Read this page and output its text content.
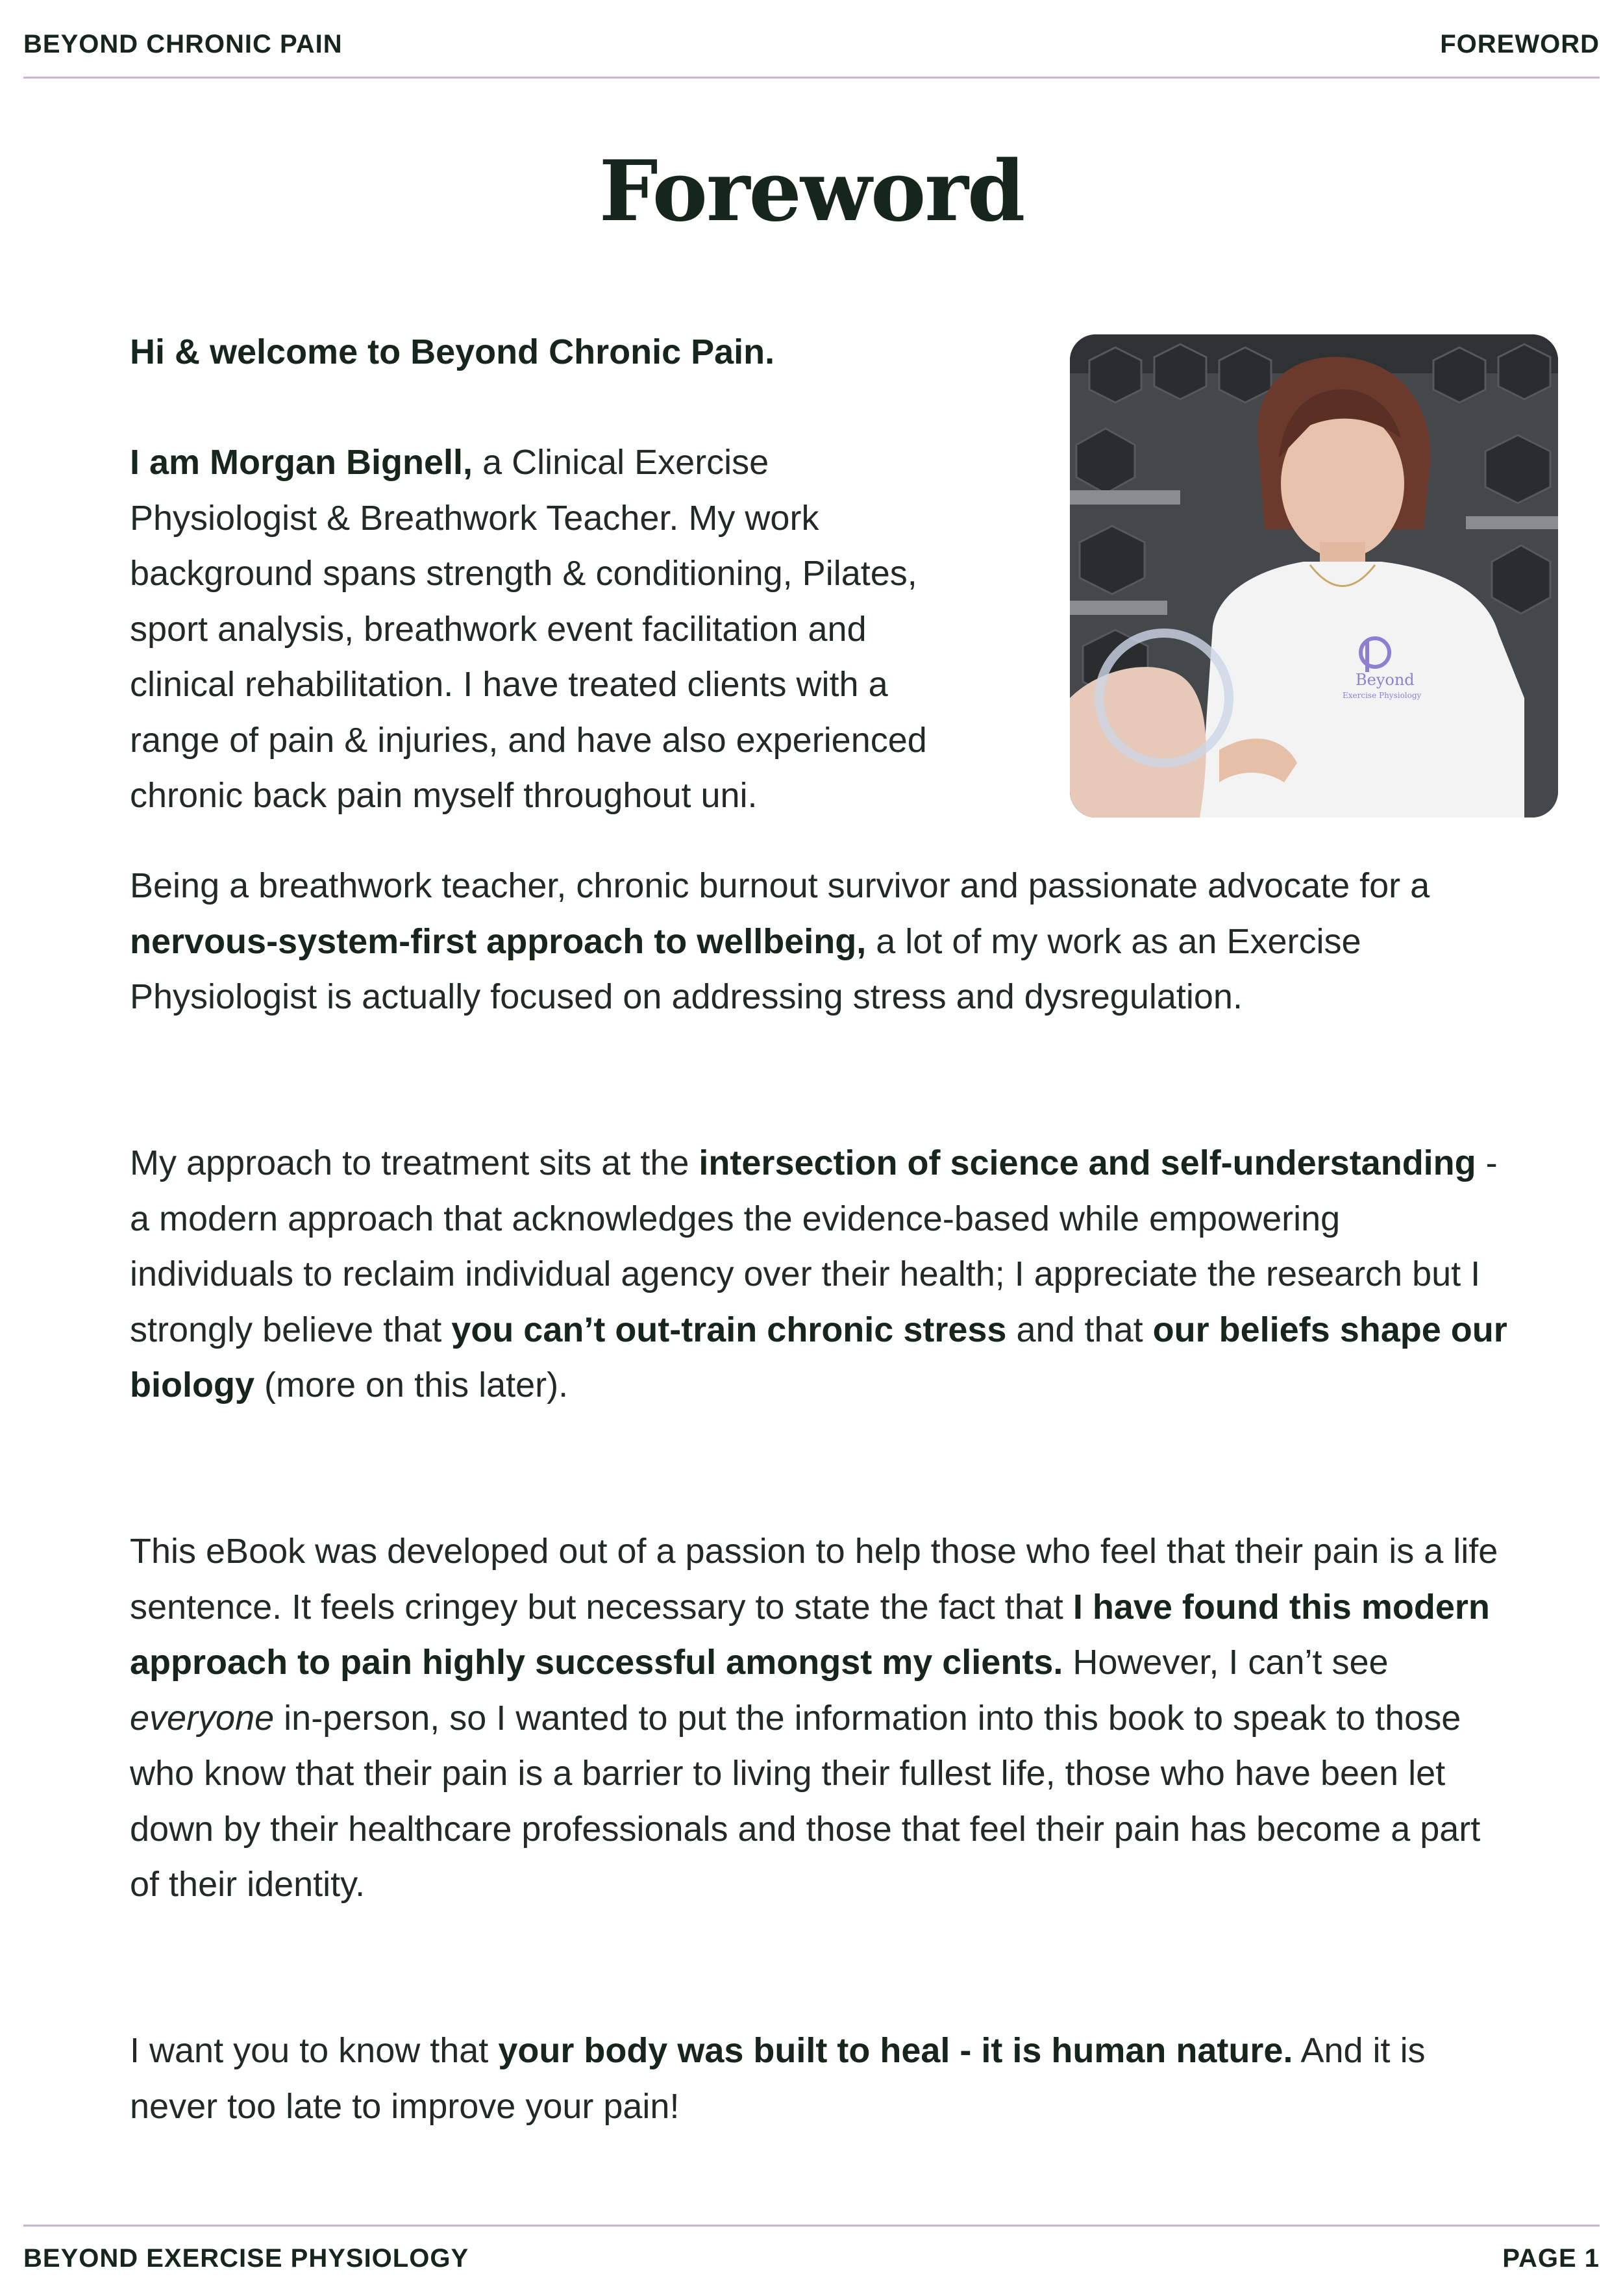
BEYOND CHRONIC PAIN	FOREWORD
Foreword

Hi & welcome to Beyond Chronic Pain.

I am Morgan Bignell, a Clinical Exercise
Physiologist & Breathwork Teacher. My work
background spans strength & conditioning, Pilates,
sport analysis, breathwork event facilitation and
clinical rehabilitation. I have treated clients with a
range of pain & injuries, and have also experienced
chronic back pain myself throughout uni.

Beyond
Exercise Physiology

Being a breathwork teacher, chronic burnout survivor and passionate advocate for a nervous-system-first approach to wellbeing, a lot of my work as an Exercise Physiologist is actually focused on addressing stress and dysregulation.

My approach to treatment sits at the intersection of science and self-understanding - a modern approach that acknowledges the evidence-based while empowering individuals to reclaim individual agency over their health; I appreciate the research but I strongly believe that you can’t out-train chronic stress and that our beliefs shape our biology (more on this later).

This eBook was developed out of a passion to help those who feel that their pain is a life sentence. It feels cringey but necessary to state the fact that I have found this modern approach to pain highly successful amongst my clients. However, I can’t see everyone in-person, so I wanted to put the information into this book to speak to those who know that their pain is a barrier to living their fullest life, those who have been let down by their healthcare professionals and those that feel their pain has become a part of their identity.

I want you to know that your body was built to heal - it is human nature. And it is never too late to improve your pain!

BEYOND EXERCISE PHYSIOLOGY	PAGE 1
